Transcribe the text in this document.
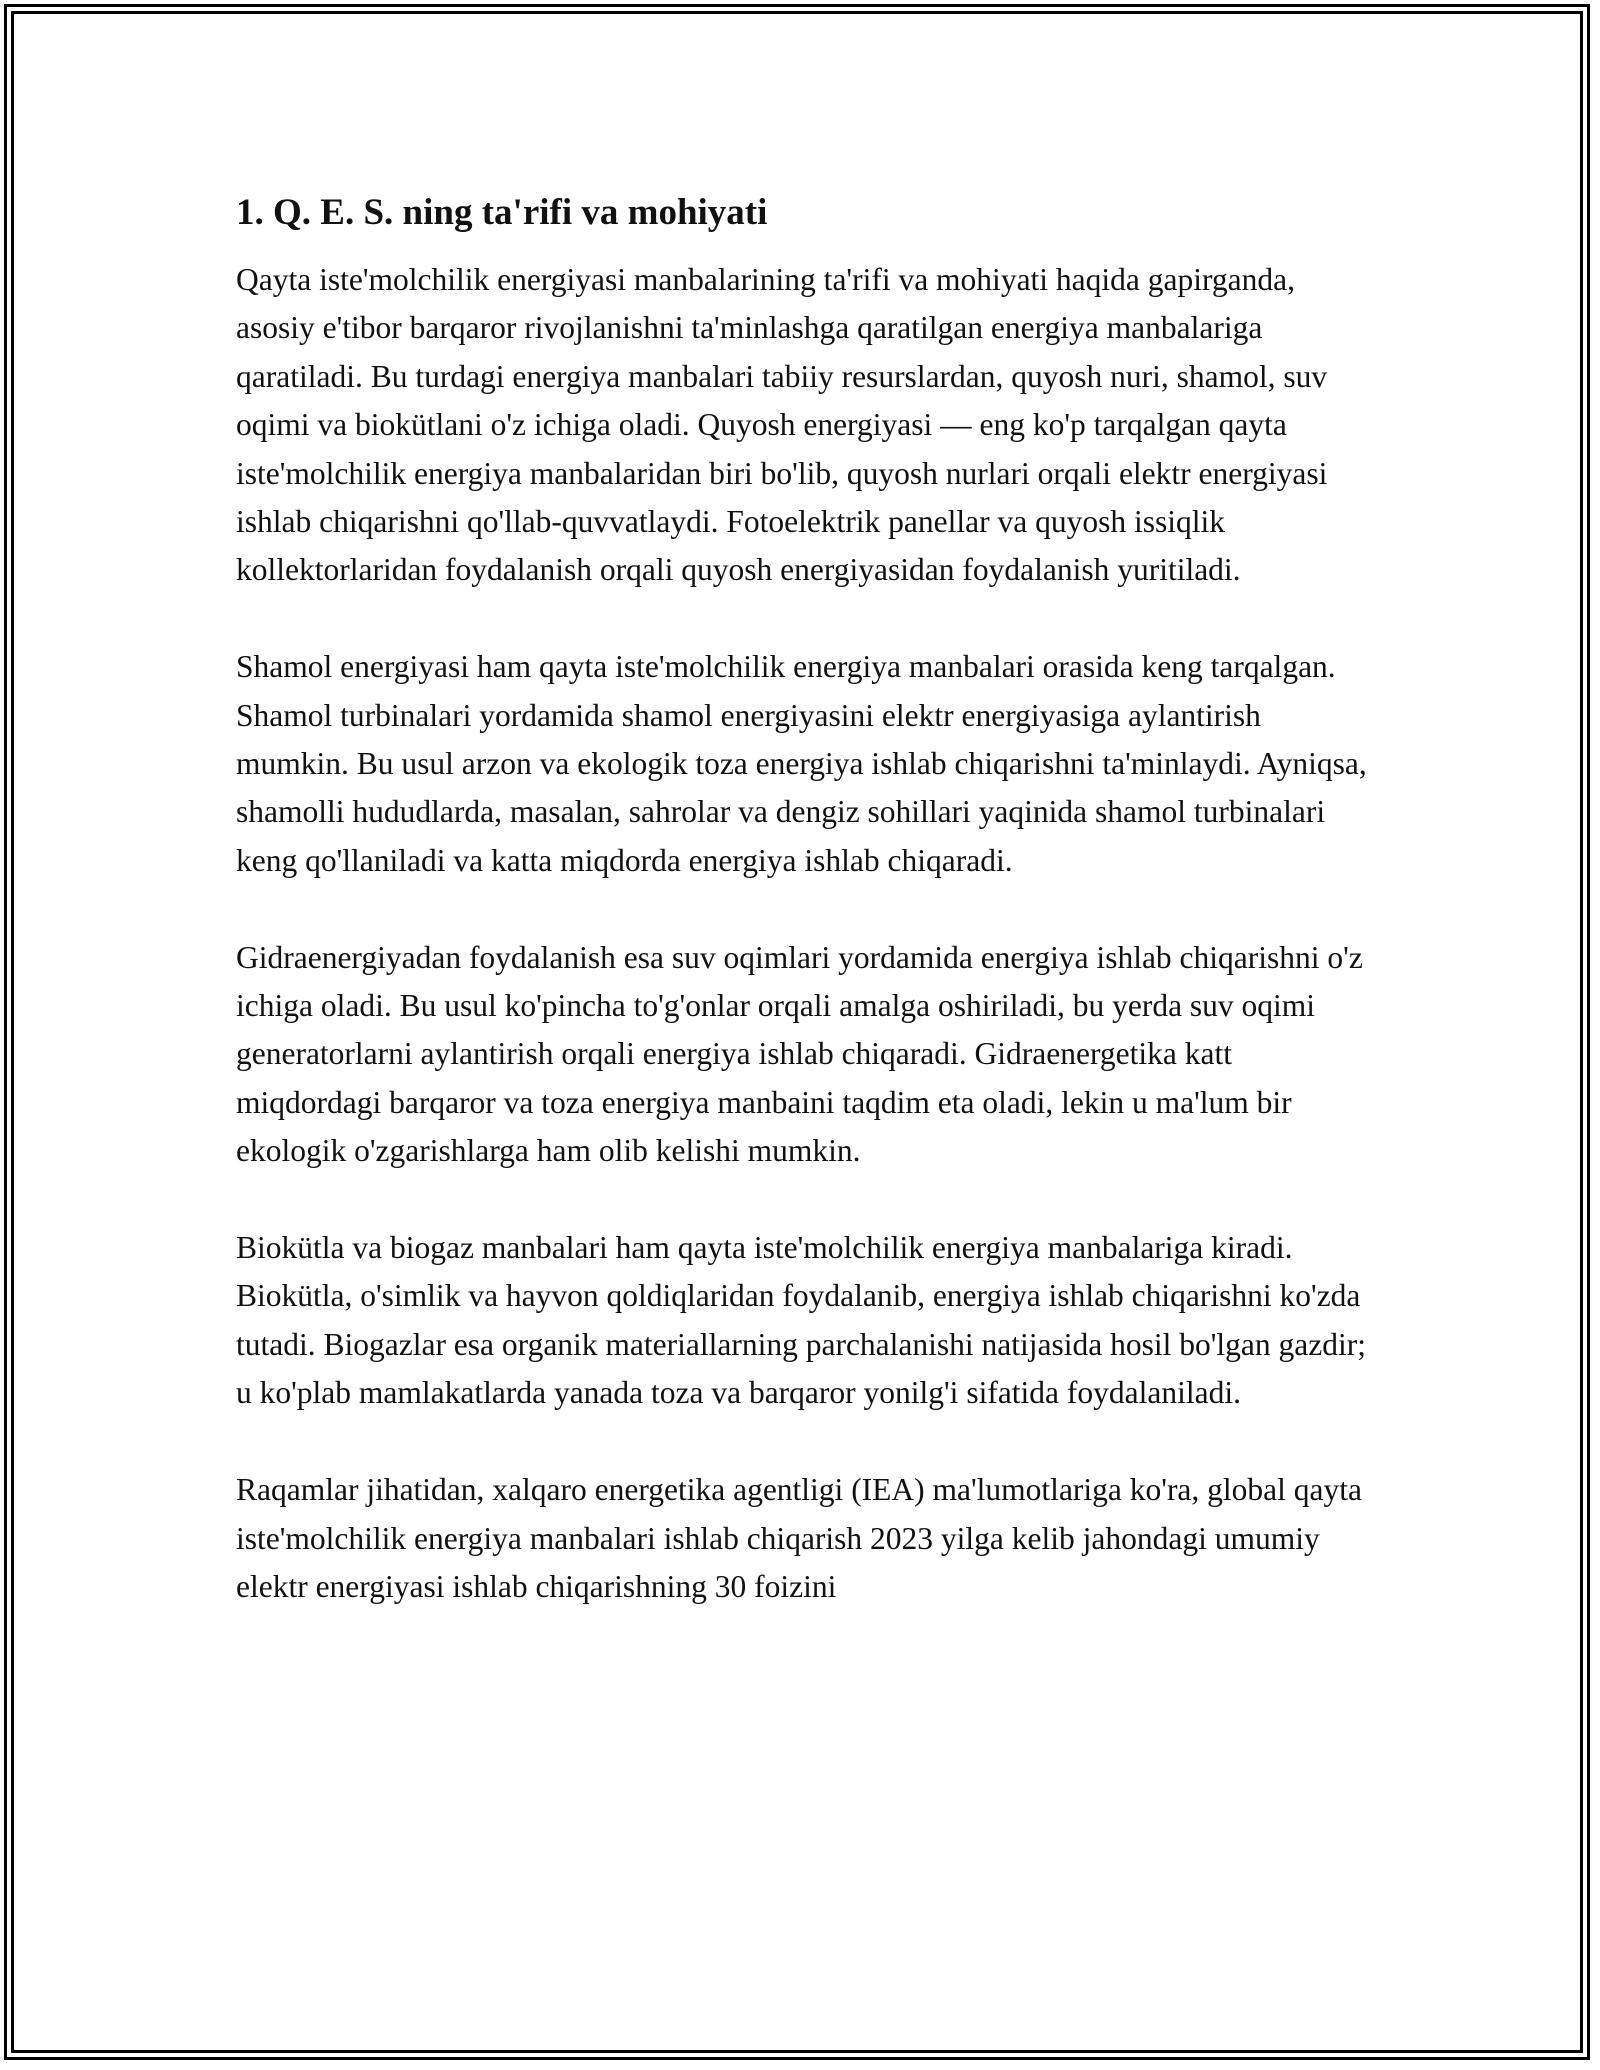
1. Q. E. S. ning ta'rifi va mohiyati

Qayta iste'molchilik energiyasi manbalarining ta'rifi va mohiyati haqida gapirganda, asosiy e'tibor barqaror rivojlanishni ta'minlashga qaratilgan energiya manbalariga qaratiladi. Bu turdagi energiya manbalari tabiiy resurslardan, quyosh nuri, shamol, suv oqimi va biokütlani o'z ichiga oladi. Quyosh energiyasi — eng ko'p tarqalgan qayta iste'molchilik energiya manbalaridan biri bo'lib, quyosh nurlari orqali elektr energiyasi ishlab chiqarishni qo'llab-quvvatlaydi. Fotoelektrik panellar va quyosh issiqlik kollektorlaridan foydalanish orqali quyosh energiyasidan foydalanish yuritiladi.

Shamol energiyasi ham qayta iste'molchilik energiya manbalari orasida keng tarqalgan. Shamol turbinalari yordamida shamol energiyasini elektr energiyasiga aylantirish mumkin. Bu usul arzon va ekologik toza energiya ishlab chiqarishni ta'minlaydi. Ayniqsa, shamolli hududlarda, masalan, sahrolar va dengiz sohillari yaqinida shamol turbinalari keng qo'llaniladi va katta miqdorda energiya ishlab chiqaradi.

Gidraenergiyadan foydalanish esa suv oqimlari yordamida energiya ishlab chiqarishni o'z ichiga oladi. Bu usul ko'pincha to'g'onlar orqali amalga oshiriladi, bu yerda suv oqimi generatorlarni aylantirish orqali energiya ishlab chiqaradi. Gidraenergetika katt miqdordagi barqaror va toza energiya manbaini taqdim eta oladi, lekin u ma'lum bir ekologik o'zgarishlarga ham olib kelishi mumkin.

Biokütla va biogaz manbalari ham qayta iste'molchilik energiya manbalariga kiradi. Biokütla, o'simlik va hayvon qoldiqlaridan foydalanib, energiya ishlab chiqarishni ko'zda tutadi. Biogazlar esa organik materiallarning parchalanishi natijasida hosil bo'lgan gazdir; u ko'plab mamlakatlarda yanada toza va barqaror yonilg'i sifatida foydalaniladi.

Raqamlar jihatidan, xalqaro energetika agentligi (IEA) ma'lumotlariga ko'ra, global qayta iste'molchilik energiya manbalari ishlab chiqarish 2023 yilga kelib jahondagi umumiy elektr energiyasi ishlab chiqarishning 30 foizini
